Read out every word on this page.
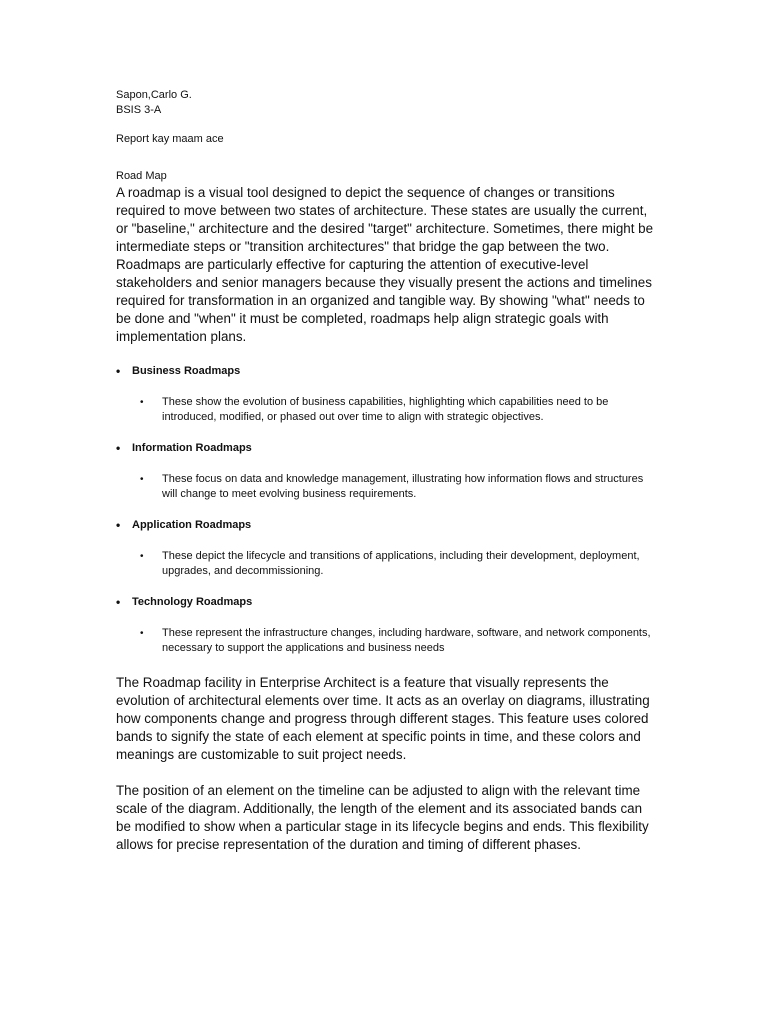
Sapon,Carlo G.

BSIS 3-A

Report kay maam ace

Road Map

A roadmap is a visual tool designed to depict the sequence of changes or transitions required to move between two states of architecture. These states are usually the current, or "baseline," architecture and the desired "target" architecture. Sometimes, there might be intermediate steps or "transition architectures" that bridge the gap between the two. Roadmaps are particularly effective for capturing the attention of executive-level stakeholders and senior managers because they visually present the actions and timelines required for transformation in an organized and tangible way. By showing "what" needs to be done and "when" it must be completed, roadmaps help align strategic goals with implementation plans.

• Business Roadmaps

• These show the evolution of business capabilities, highlighting which capabilities need to be introduced, modified, or phased out over time to align with strategic objectives.

• Information Roadmaps

• These focus on data and knowledge management, illustrating how information flows and structures will change to meet evolving business requirements.

• Application Roadmaps

• These depict the lifecycle and transitions of applications, including their development, deployment, upgrades, and decommissioning.

• Technology Roadmaps

• These represent the infrastructure changes, including hardware, software, and network components, necessary to support the applications and business needs

The Roadmap facility in Enterprise Architect is a feature that visually represents the evolution of architectural elements over time. It acts as an overlay on diagrams, illustrating how components change and progress through different stages. This feature uses colored bands to signify the state of each element at specific points in time, and these colors and meanings are customizable to suit project needs.

The position of an element on the timeline can be adjusted to align with the relevant time scale of the diagram. Additionally, the length of the element and its associated bands can be modified to show when a particular stage in its lifecycle begins and ends. This flexibility allows for precise representation of the duration and timing of different phases.
